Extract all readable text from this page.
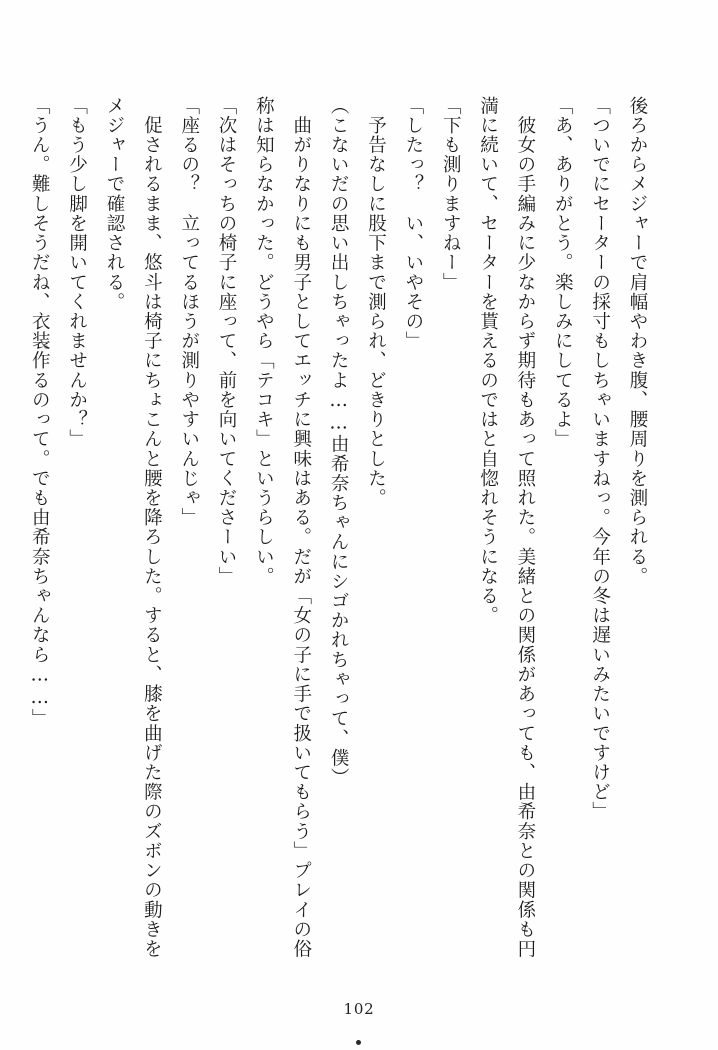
後ろからメジャーで肩幅やわき腹、腰周りを測られる。

「ついでにセーターの採寸もしちゃいますねっ。今年の冬は遅いみたいですけど」

「あ、ありがとう。楽しみにしてるよ」

　彼女の手編みに少なからず期待もあって照れた。美緒との関係があっても、由希奈との関係も円満に続いて、セーターを貰えるのではと自惚れそうになる。

「下も測りますねー」

「したっ？　い、いやその」

　予告なしに股下まで測られ、どきりとした。

（こないだの思い出しちゃったよ……由希奈ちゃんにシゴかれちゃって、僕）

　曲がりなりにも男子としてエッチに興味はある。だが「女の子に手で扱いてもらう」プレイの俗称は知らなかった。どうやら「テコキ」というらしい。

「次はそっちの椅子に座って、前を向いてくださーい」

「座るの？　立ってるほうが測りやすいんじゃ」

　促されるまま、悠斗は椅子にちょこんと腰を降ろした。すると、膝を曲げた際のズボンの動きをメジャーで確認される。

「もう少し脚を開いてくれませんか？」

「うん。難しそうだね、衣装作るのって。でも由希奈ちゃんなら……」

102
